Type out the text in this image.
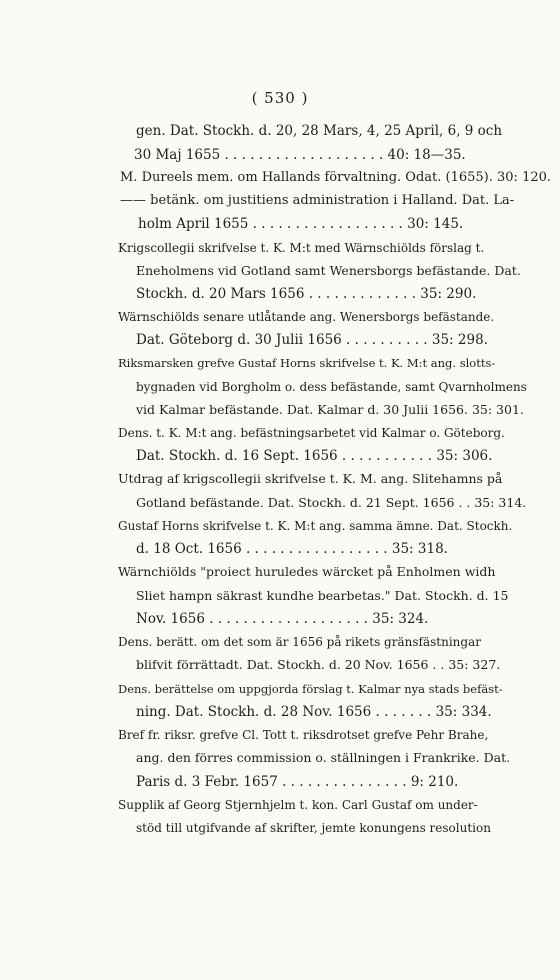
( 530 )
gen. Dat. Stockh. d. 20, 28 Mars, 4, 25 April, 6, 9 och
30 Maj 1655 . . . . . . . . . . . . . . . . . . . 40: 18—35.
M. Dureels mem. om Hallands förvaltning. Odat. (1655). 30: 120.
—— betänk. om justitiens administration i Halland. Dat. La-
holm April 1655 . . . . . . . . . . . . . . . . . . 30: 145.
Krigscollegii skrifvelse t. K. M:t med Wärnschiölds förslag t.
Eneholmens vid Gotland samt Wenersborgs befästande. Dat.
Stockh. d. 20 Mars 1656 . . . . . . . . . . . . . 35: 290.
Wärnschiölds senare utlåtande ang. Wenersborgs befästande.
Dat. Göteborg d. 30 Julii 1656 . . . . . . . . . . 35: 298.
Riksmarsken grefve Gustaf Horns skrifvelse t. K. M:t ang. slotts-
bygnaden vid Borgholm o. dess befästande, samt Qvarnholmens
vid Kalmar befästande. Dat. Kalmar d. 30 Julii 1656. 35: 301.
Dens. t. K. M:t ang. befästningsarbetet vid Kalmar o. Göteborg.
Dat. Stockh. d. 16 Sept. 1656 . . . . . . . . . . . 35: 306.
Utdrag af krigscollegii skrifvelse t. K. M. ang. Slitehamns på
Gotland befästande. Dat. Stockh. d. 21 Sept. 1656 . . 35: 314.
Gustaf Horns skrifvelse t. K. M:t ang. samma ämne. Dat. Stockh.
d. 18 Oct. 1656 . . . . . . . . . . . . . . . . . 35: 318.
Wärnchiölds "proiect huruledes wärcket på Enholmen widh
Sliet hampn säkrast kundhe bearbetas." Dat. Stockh. d. 15
Nov. 1656 . . . . . . . . . . . . . . . . . . . 35: 324.
Dens. berätt. om det som är 1656 på rikets gränsfästningar
blifvit förrättadt. Dat. Stockh. d. 20 Nov. 1656 . . 35: 327.
Dens. berättelse om uppgjorda förslag t. Kalmar nya stads befäst-
ning. Dat. Stockh. d. 28 Nov. 1656 . . . . . . . 35: 334.
Bref fr. riksr. grefve Cl. Tott t. riksdrotset grefve Pehr Brahe,
ang. den förres commission o. ställningen i Frankrike. Dat.
Paris d. 3 Febr. 1657 . . . . . . . . . . . . . . . 9: 210.
Supplik af Georg Stjernhjelm t. kon. Carl Gustaf om under-
stöd till utgifvande af skrifter, jemte konungens resolution
